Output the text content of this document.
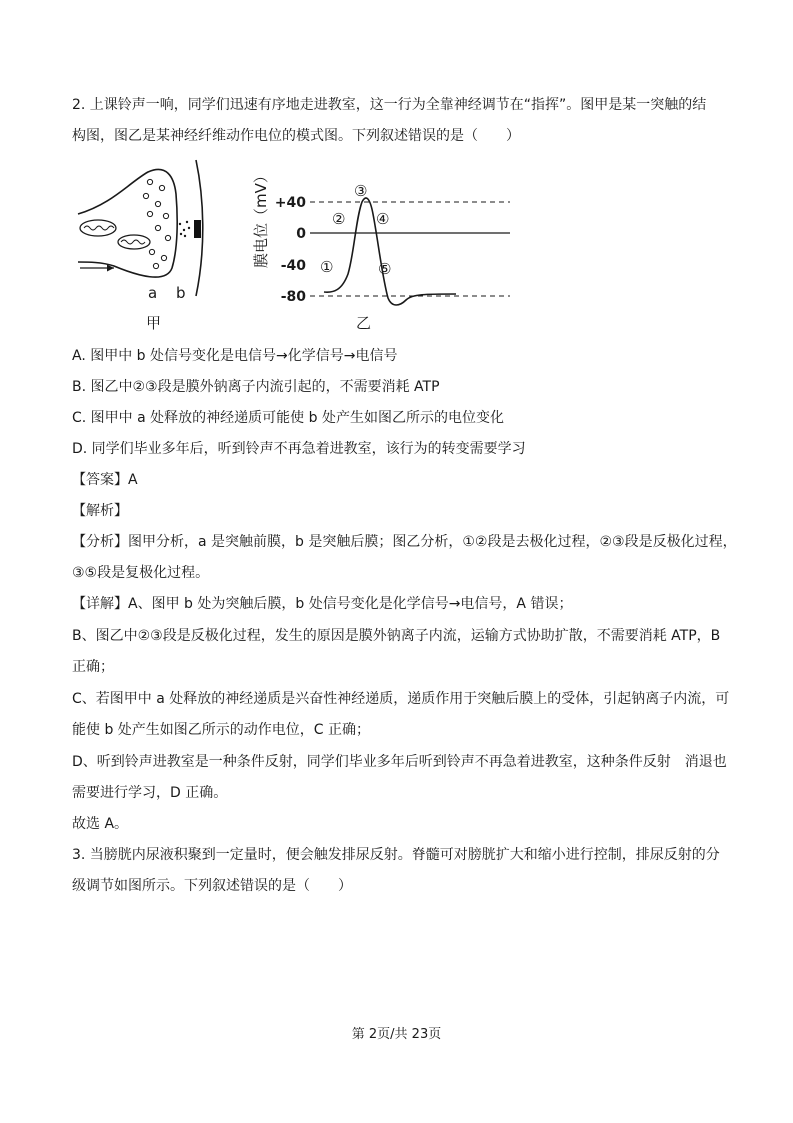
2. 上课铃声一响，同学们迅速有序地走进教室，这一行为全靠神经调节在“指挥”。图甲是某一突触的结
构图，图乙是某神经纤维动作电位的模式图。下列叙述错误的是（　　）
a b
甲
膜电位（mV） +40
0
-40
-80
①
②
③
④
⑤
乙
A. 图甲中 b 处信号变化是电信号→化学信号→电信号
B. 图乙中②③段是膜外钠离子内流引起的，不需要消耗 ATP
C. 图甲中 a 处释放的神经递质可能使 b 处产生如图乙所示的电位变化
D. 同学们毕业多年后，听到铃声不再急着进教室，该行为的转变需要学习
【答案】A
【解析】
【分析】图甲分析，a 是突触前膜，b 是突触后膜；图乙分析，①②段是去极化过程，②③段是反极化过程，
③⑤段是复极化过程。
【详解】A、图甲 b 处为突触后膜，b 处信号变化是化学信号→电信号，A 错误；
B、图乙中②③段是反极化过程，发生的原因是膜外钠离子内流，运输方式协助扩散，不需要消耗 ATP，B
正确；
C、若图甲中 a 处释放的神经递质是兴奋性神经递质，递质作用于突触后膜上的受体，引起钠离子内流，可
能使 b 处产生如图乙所示的动作电位，C 正确；
D、听到铃声进教室是一种条件反射，同学们毕业多年后听到铃声不再急着进教室，这种条件反射　消退也
需要进行学习，D 正确。
故选 A。
3. 当膀胱内尿液积聚到一定量时，便会触发排尿反射。脊髓可对膀胱扩大和缩小进行控制，排尿反射的分
级调节如图所示。下列叙述错误的是（　　）
第 2页/共 23页
